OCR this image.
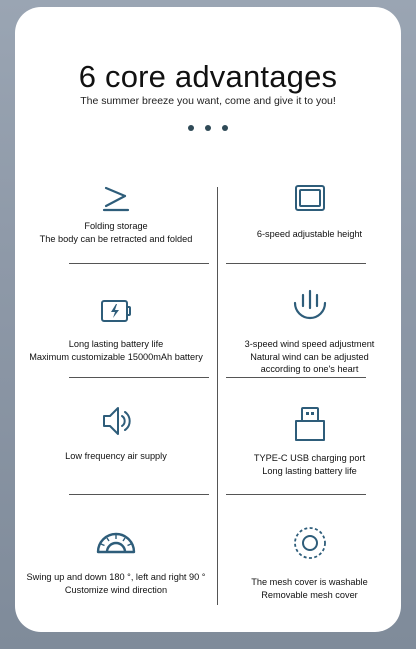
6 core advantages
The summer breeze you want, come and give it to you!
Folding storage
The body can be retracted and folded	6-speed adjustable height
Long lasting battery life
Maximum customizable 15000mAh battery
3-speed wind speed adjustment
Natural wind can be adjusted
according to one's heart
Low frequency air supply	TYPE-C USB charging port
Long lasting battery life
Swing up and down 180 °, left and right 90 °
Customize wind direction
The mesh cover is washable
Removable mesh cover
